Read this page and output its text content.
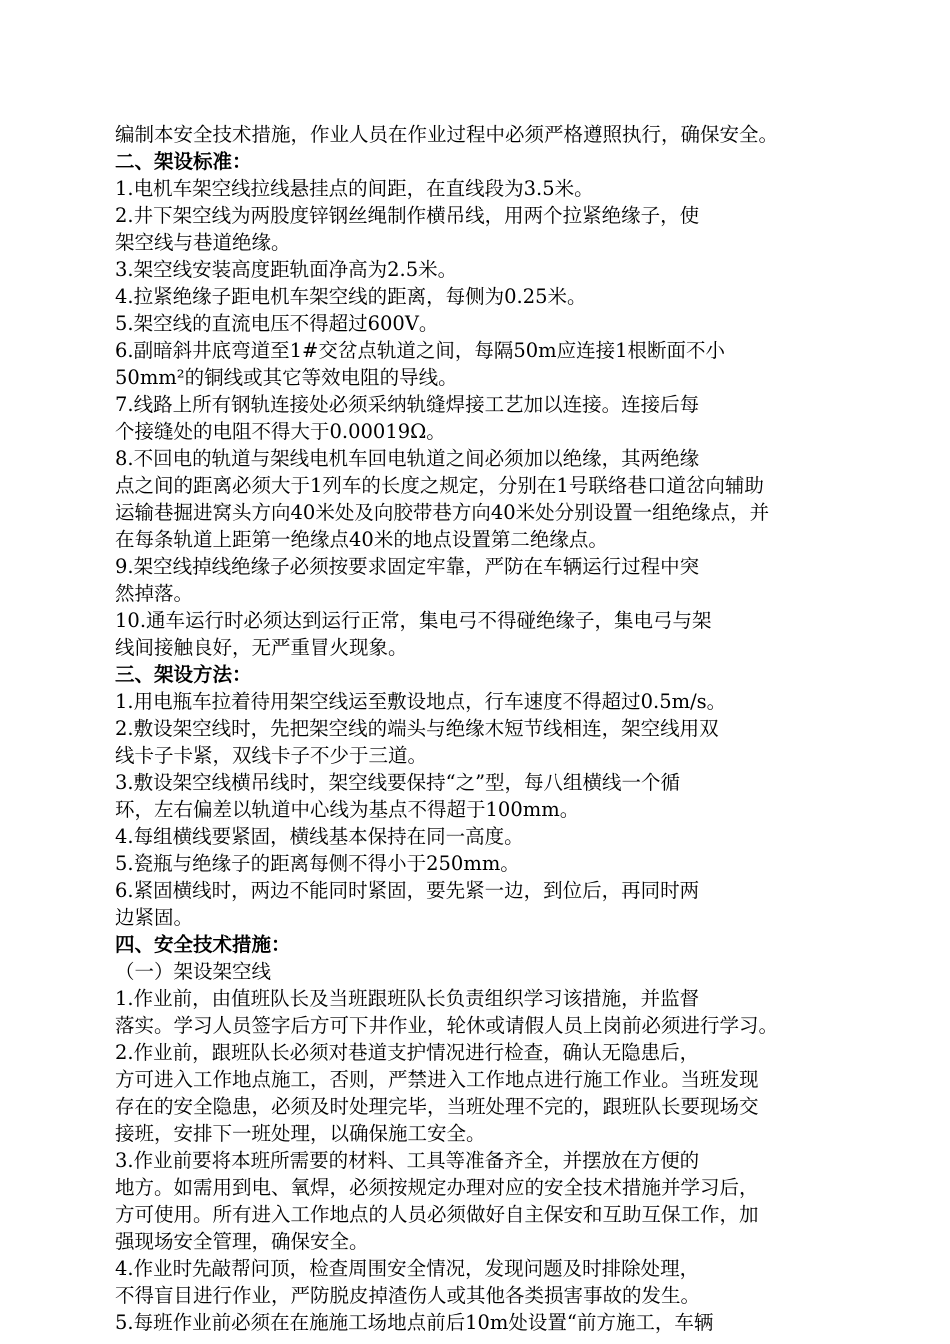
编制本安全技术措施，作业人员在作业过程中必须严格遵照执行，确保安全。

二、架设标准：

1.电机车架空线拉线悬挂点的间距，在直线段为3.5米。

2.井下架空线为两股度锌钢丝绳制作横吊线，用两个拉紧绝缘子，使

架空线与巷道绝缘。

3.架空线安装高度距轨面净高为2.5米。

4.拉紧绝缘子距电机车架空线的距离，每侧为0.25米。

5.架空线的直流电压不得超过600V。

6.副暗斜井底弯道至1#交岔点轨道之间，每隔50m应连接1根断面不小

50mm²的铜线或其它等效电阻的导线。

7.线路上所有钢轨连接处必须采纳轨缝焊接工艺加以连接。连接后每

个接缝处的电阻不得大于0.00019Ω。

8.不回电的轨道与架线电机车回电轨道之间必须加以绝缘，其两绝缘

点之间的距离必须大于1列车的长度之规定，分别在1号联络巷口道岔向辅助

运输巷掘进窝头方向40米处及向胶带巷方向40米处分别设置一组绝缘点，并

在每条轨道上距第一绝缘点40米的地点设置第二绝缘点。

9.架空线掉线绝缘子必须按要求固定牢靠，严防在车辆运行过程中突

然掉落。

10.通车运行时必须达到运行正常，集电弓不得碰绝缘子，集电弓与架

线间接触良好，无严重冒火现象。

三、架设方法：

1.用电瓶车拉着待用架空线运至敷设地点，行车速度不得超过0.5m/s。

2.敷设架空线时，先把架空线的端头与绝缘木短节线相连，架空线用双

线卡子卡紧，双线卡子不少于三道。

3.敷设架空线横吊线时，架空线要保持“之”型，每八组横线一个循

环，左右偏差以轨道中心线为基点不得超于100mm。

4.每组横线要紧固，横线基本保持在同一高度。

5.瓷瓶与绝缘子的距离每侧不得小于250mm。

6.紧固横线时，两边不能同时紧固，要先紧一边，到位后，再同时两

边紧固。

四、安全技术措施：

（一）架设架空线

1.作业前，由值班队长及当班跟班队长负责组织学习该措施，并监督

落实。学习人员签字后方可下井作业，轮休或请假人员上岗前必须进行学习。

2.作业前，跟班队长必须对巷道支护情况进行检查，确认无隐患后，

方可进入工作地点施工，否则，严禁进入工作地点进行施工作业。当班发现

存在的安全隐患，必须及时处理完毕，当班处理不完的，跟班队长要现场交

接班，安排下一班处理，以确保施工安全。

3.作业前要将本班所需要的材料、工具等准备齐全，并摆放在方便的

地方。如需用到电、氧焊，必须按规定办理对应的安全技术措施并学习后，

方可使用。所有进入工作地点的人员必须做好自主保安和互助互保工作，加

强现场安全管理，确保安全。

4.作业时先敲帮问顶，检查周围安全情况，发现问题及时排除处理，

不得盲目进行作业，严防脱皮掉渣伤人或其他各类损害事故的发生。

5.每班作业前必须在在施施工场地点前后10m处设置“前方施工，车辆
